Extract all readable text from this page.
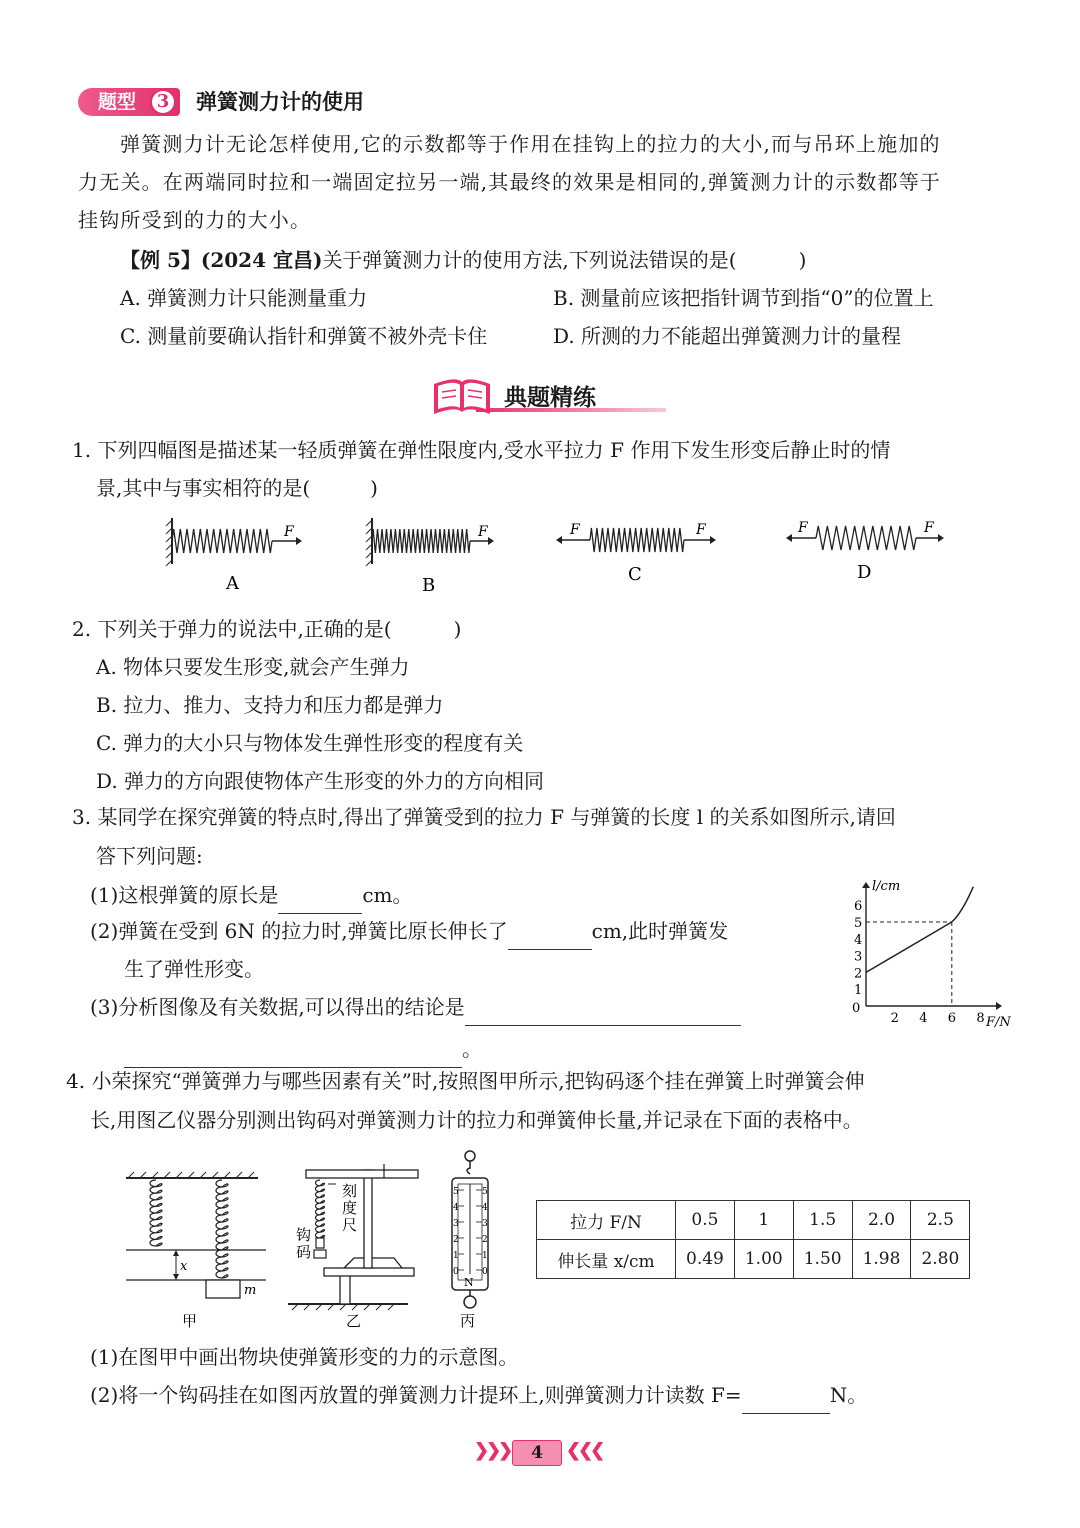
题型	3	弹簧测力计的使用
弹簧测力计无论怎样使用,它的示数都等于作用在挂钩上的拉力的大小,而与吊环上施加的
力无关。在两端同时拉和一端固定拉另一端,其最终的效果是相同的,弹簧测力计的示数都等于
挂钩所受到的力的大小。
【例 5】(2024 宜昌)关于弹簧测力计的使用方法,下列说法错误的是(	)
A. 弹簧测力计只能测量重力	B. 测量前应该把指针调节到指“0”的位置上
C. 测量前要确认指针和弹簧不被外壳卡住	D. 所测的力不能超出弹簧测力计的量程
典题精练
1. 下列四幅图是描述某一轻质弹簧在弹性限度内,受水平拉力 F 作用下发生形变后静止时的情
景,其中与事实相符的是(	)
F	F	F	F	F	F
A	B
C	D
2. 下列关于弹力的说法中,正确的是(	)
A. 物体只要发生形变,就会产生弹力
B. 拉力、推力、支持力和压力都是弹力
C. 弹力的大小只与物体发生弹性形变的程度有关
D. 弹力的方向跟使物体产生形变的外力的方向相同
3. 某同学在探究弹簧的特点时,得出了弹簧受到的拉力 F 与弹簧的长度 l 的关系如图所示,请回
答下列问题:
(1)这根弹簧的原长是	cm。
(2)弹簧在受到 6N 的拉力时,弹簧比原长伸长了	cm,此时弹簧发
生了弹性形变。
(3)分析图像及有关数据,可以得出的结论是
。
F/N
l/cm
0
2 4 6 8
1
2
3
4
5
6
4. 小荣探究“弹簧弹力与哪些因素有关”时,按照图甲所示,把钩码逐个挂在弹簧上时弹簧会伸
长,用图乙仪器分别测出钩码对弹簧测力计的拉力和弹簧伸长量,并记录在下面的表格中。
x
m
甲
刻度尺
钩码
乙
5	5
4	4
3	3
2	2
1	1
0	0
N
丙
拉力 F/N	0.5	1	1.5	2.0	2.5
伸长量 x/cm	0.49	1.00	1.50	1.98	2.80
(1)在图甲中画出物块使弹簧形变的力的示意图。
(2)将一个钩码挂在如图丙放置的弹簧测力计提环上,则弹簧测力计读数 F=	N。
❯❯❯	4	❮❮❮
